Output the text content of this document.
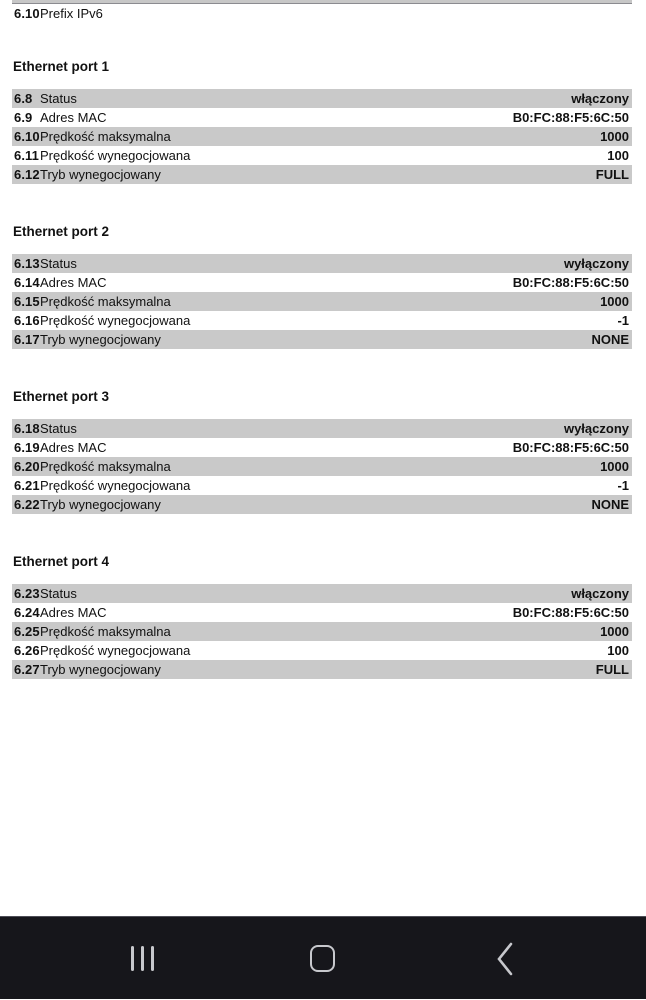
6.10 Prefix IPv6
Ethernet port 1
6.8 Status	włączony
6.9 Adres MAC	B0:FC:88:F5:6C:50
6.10 Prędkość maksymalna	1000
6.11 Prędkość wynegocjowana	100
6.12 Tryb wynegocjowany	FULL
Ethernet port 2
6.13 Status	wyłączony
6.14 Adres MAC	B0:FC:88:F5:6C:50
6.15 Prędkość maksymalna	1000
6.16 Prędkość wynegocjowana	-1
6.17 Tryb wynegocjowany	NONE
Ethernet port 3
6.18 Status	wyłączony
6.19 Adres MAC	B0:FC:88:F5:6C:50
6.20 Prędkość maksymalna	1000
6.21 Prędkość wynegocjowana	-1
6.22 Tryb wynegocjowany	NONE
Ethernet port 4
6.23 Status	włączony
6.24 Adres MAC	B0:FC:88:F5:6C:50
6.25 Prędkość maksymalna	1000
6.26 Prędkość wynegocjowana	100
6.27 Tryb wynegocjowany	FULL
